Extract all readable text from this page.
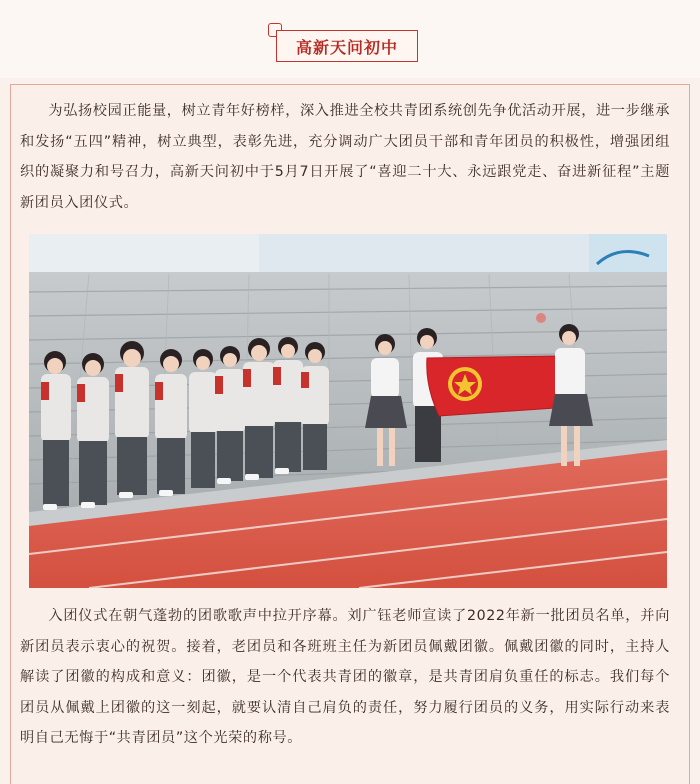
高新天问初中

为弘扬校园正能量，树立青年好榜样，深入推进全校共青团系统创先争优活动开展，进一步继承和发扬“五四”精神，树立典型，表彰先进，充分调动广大团员干部和青年团员的积极性，增强团组织的凝聚力和号召力，高新天问初中于5月7日开展了“喜迎二十大、永远跟党走、奋进新征程”主题新团员入团仪式。

入团仪式在朝气蓬勃的团歌歌声中拉开序幕。刘广钰老师宣读了2022年新一批团员名单，并向新团员表示衷心的祝贺。接着，老团员和各班班主任为新团员佩戴团徽。佩戴团徽的同时，主持人解读了团徽的构成和意义：团徽，是一个代表共青团的徽章，是共青团肩负重任的标志。我们每个团员从佩戴上团徽的这一刻起，就要认清自己肩负的责任，努力履行团员的义务，用实际行动来表明自己无悔于“共青团员”这个光荣的称号。
